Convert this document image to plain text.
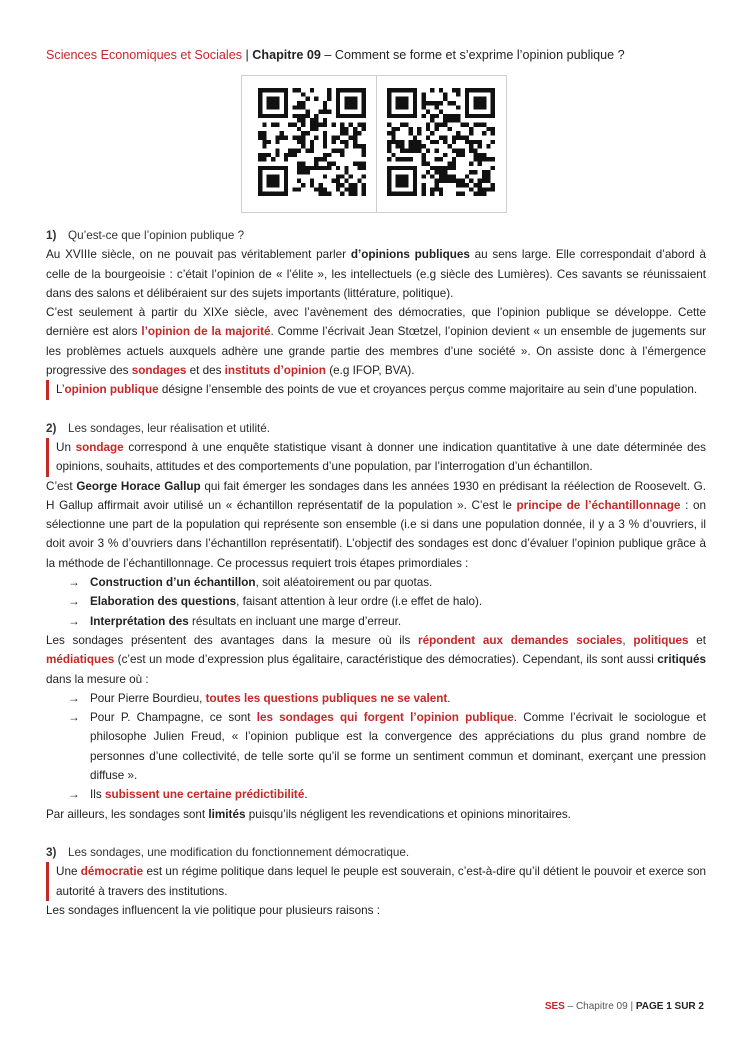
Sciences Economiques et Sociales | Chapitre 09 – Comment se forme et s’exprime l’opinion publique ?

1) Qu’est-ce que l’opinion publique ?

Au XVIIIe siècle, on ne pouvait pas véritablement parler d’opinions publiques au sens large. Elle correspondait d’abord à celle de la bourgeoisie : c’était l’opinion de « l’élite », les intellectuels (e.g siècle des Lumières). Ces savants se réunissaient dans des salons et délibéraient sur des sujets importants (littérature, politique).

C’est seulement à partir du XIXe siècle, avec l’avènement des démocraties, que l’opinion publique se développe. Cette dernière est alors l’opinion de la majorité. Comme l’écrivait Jean Stœtzel, l’opinion devient « un ensemble de jugements sur les problèmes actuels auxquels adhère une grande partie des membres d’une société ». On assiste donc à l’émergence progressive des sondages et des instituts d’opinion (e.g IFOP, BVA).

L’opinion publique désigne l’ensemble des points de vue et croyances perçus comme majoritaire au sein d’une population.

2) Les sondages, leur réalisation et utilité.

Un sondage correspond à une enquête statistique visant à donner une indication quantitative à une date déterminée des opinions, souhaits, attitudes et des comportements d’une population, par l’interrogation d’un échantillon.

C’est George Horace Gallup qui fait émerger les sondages dans les années 1930 en prédisant la réélection de Roosevelt. G. H Gallup affirmait avoir utilisé un « échantillon représentatif de la population ». C’est le principe de l’échantillonnage : on sélectionne une part de la population qui représente son ensemble (i.e si dans une population donnée, il y a 3 % d’ouvriers, il doit avoir 3 % d’ouvriers dans l’échantillon représentatif). L’objectif des sondages est donc d’évaluer l’opinion publique grâce à la méthode de l’échantillonnage. Ce processus requiert trois étapes primordiales :

→ Construction d’un échantillon, soit aléatoirement ou par quotas.

→ Elaboration des questions, faisant attention à leur ordre (i.e effet de halo).

→ Interprétation des résultats en incluant une marge d’erreur.

Les sondages présentent des avantages dans la mesure où ils répondent aux demandes sociales, politiques et médiatiques (c’est un mode d’expression plus égalitaire, caractéristique des démocraties). Cependant, ils sont aussi critiqués dans la mesure où :

→ Pour Pierre Bourdieu, toutes les questions publiques ne se valent.

→ Pour P. Champagne, ce sont les sondages qui forgent l’opinion publique. Comme l’écrivait le sociologue et philosophe Julien Freud, « l’opinion publique est la convergence des appréciations du plus grand nombre de personnes d’une collectivité, de telle sorte qu’il se forme un sentiment commun et dominant, exerçant une pression diffuse ».

→ Ils subissent une certaine prédictibilité.

Par ailleurs, les sondages sont limités puisqu’ils négligent les revendications et opinions minoritaires.

3) Les sondages, une modification du fonctionnement démocratique.

Une démocratie est un régime politique dans lequel le peuple est souverain, c’est-à-dire qu’il détient le pouvoir et exerce son autorité à travers des institutions.

Les sondages influencent la vie politique pour plusieurs raisons :

SES – Chapitre 09 | PAGE 1 SUR 2
